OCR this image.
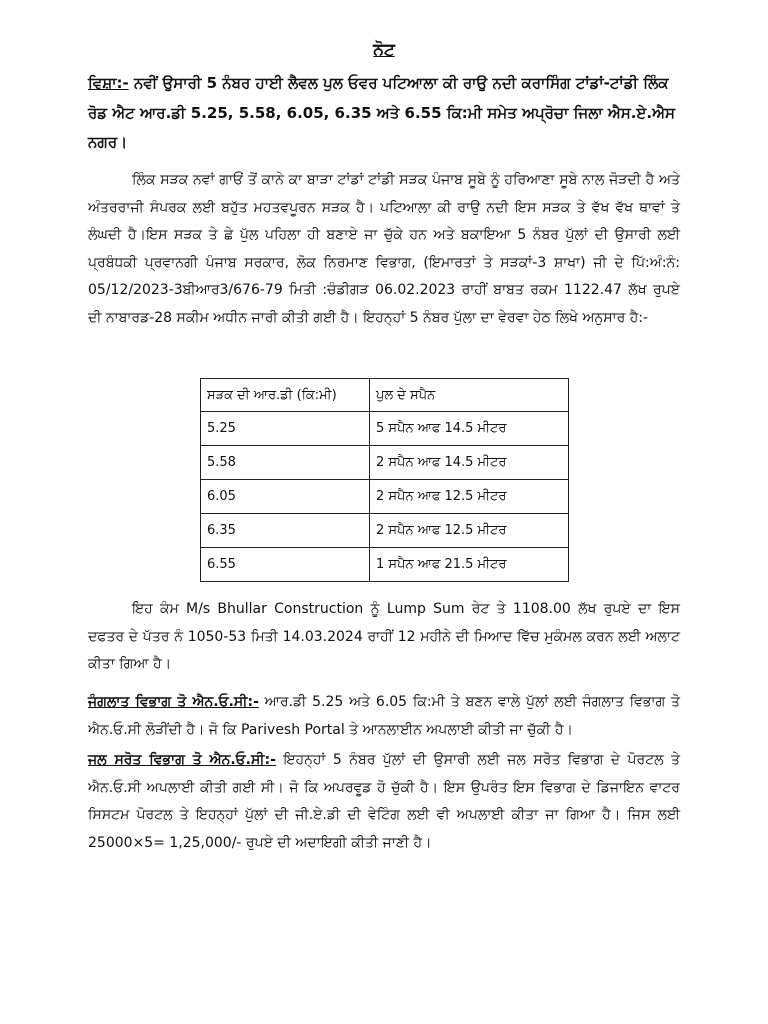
ਨੋਟ
ਵਿਸ਼ਾ:- ਨਵੀਂ ਉਸਾਰੀ 5 ਨੰਬਰ ਹਾਈ ਲੈਵਲ ਪੁਲ ਓਵਰ ਪਟਿਆਲਾ ਕੀ ਰਾਉ ਨਦੀ ਕਰਾਸਿੰਗ ਟਾਂਡਾਂ-ਟਾਂਡੀ ਲਿੰਕ ਰੋਡ ਐਟ ਆਰ.ਡੀ 5.25, 5.58, 6.05, 6.35 ਅਤੇ 6.55 ਕਿ:ਮੀ ਸਮੇਤ ਅਪ੍ਰੋਚਾ ਜਿਲਾ ਐਸ.ਏ.ਐਸ ਨਗਰ।
ਲਿੰਕ ਸੜਕ ਨਵਾਂ ਗਾਓਂ ਤੋਂ ਕਾਨੇ ਕਾ ਬਾੜਾ ਟਾਂਡਾਂ ਟਾਂਡੀ ਸੜਕ ਪੰਜਾਬ ਸੂਬੇ ਨੂੰ ਹਰਿਆਣਾ ਸੂਬੇ ਨਾਲ ਜੋੜਦੀ ਹੈ ਅਤੇ ਅੰਤਰਰਾਜੀ ਸੰਪਰਕ ਲਈ ਬਹੁੱਤ ਮਹਤਵਪੂਰਨ ਸੜਕ ਹੈ। ਪਟਿਆਲਾ ਕੀ ਰਾਉ ਨਦੀ ਇਸ ਸੜਕ ਤੇ ਵੱਖ ਵੱਖ ਥਾਵਾਂ ਤੇ ਲੰਘਦੀ ਹੈ।ਇਸ ਸੜਕ ਤੇ ਛੇ ਪੁੱਲ ਪਹਿਲਾ ਹੀ ਬਣਾਏ ਜਾ ਚੁੱਕੇ ਹਨ ਅਤੇ ਬਕਾਇਆ 5 ਨੰਬਰ ਪੁੱਲਾਂ ਦੀ ਉਸਾਰੀ ਲਈ ਪ੍ਰਬੰਧਕੀ ਪ੍ਰਵਾਨਗੀ ਪੰਜਾਬ ਸਰਕਾਰ, ਲੋਕ ਨਿਰਮਾਣ ਵਿਭਾਗ, (ਇਮਾਰਤਾਂ ਤੇ ਸੜਕਾਂ-3 ਸ਼ਾਖਾ) ਜੀ ਦੇ ਪਿੱ:ਅੰ:ਨੰ: 05/12/2023-3ਬੀਆਰ3/676-79 ਮਿਤੀ :ਚੰਡੀਗੜ 06.02.2023 ਰਾਹੀਂ ਬਾਬਤ ਰਕਮ 1122.47 ਲੱਖ ਰੁਪਏ ਦੀ ਨਾਬਾਰਡ-28 ਸਕੀਮ ਅਧੀਨ ਜਾਰੀ ਕੀਤੀ ਗਈ ਹੈ। ਇਹਨ੍ਹਾਂ 5 ਨੰਬਰ ਪੁੱਲਾ ਦਾ ਵੇਰਵਾ ਹੇਠ ਲਿਖੇ ਅਨੁਸਾਰ ਹੈ:-
ਸੜਕ ਦੀ ਆਰ.ਡੀ (ਕਿ:ਮੀ)	ਪੁਲ ਦੇ ਸਪੈਨ
5.25	5 ਸਪੈਨ ਆਫ 14.5 ਮੀਟਰ
5.58	2 ਸਪੈਨ ਆਫ 14.5 ਮੀਟਰ
6.05	2 ਸਪੈਨ ਆਫ 12.5 ਮੀਟਰ
6.35	2 ਸਪੈਨ ਆਫ 12.5 ਮੀਟਰ
6.55	1 ਸਪੈਨ ਆਫ 21.5 ਮੀਟਰ
ਇਹ ਕੰਮ M/s Bhullar Construction ਨੂੰ Lump Sum ਰੇਟ ਤੇ 1108.00 ਲੱਖ ਰੁਪਏ ਦਾ ਇਸ ਦਫਤਰ ਦੇ ਪੱਤਰ ਨੰ 1050-53 ਮਿਤੀ 14.03.2024 ਰਾਹੀਂ 12 ਮਹੀਨੇ ਦੀ ਮਿਆਦ ਵਿੱਚ ਮੁਕੰਮਲ ਕਰਨ ਲਈ ਅਲਾਟ ਕੀਤਾ ਗਿਆ ਹੈ।
ਜੰਗਲਾਤ ਵਿਭਾਗ ਤੋ ਐਨ.ਓ.ਸੀ:- ਆਰ.ਡੀ 5.25 ਅਤੇ 6.05 ਕਿ:ਮੀ ਤੇ ਬਣਨ ਵਾਲੇ ਪੁੱਲਾਂ ਲਈ ਜੰਗਲਾਤ ਵਿਭਾਗ ਤੋ ਐਨ.ਓ.ਸੀ ਲੋੜੀਂਦੀ ਹੈ। ਜੋ ਕਿ Parivesh Portal ਤੇ ਆਨਲਾਈਨ ਅਪਲਾਈ ਕੀਤੀ ਜਾ ਚੁੱਕੀ ਹੈ।
ਜਲ ਸਰੋਤ ਵਿਭਾਗ ਤੋ ਐਨ.ਓ.ਸੀ:- ਇਹਨ੍ਹਾਂ 5 ਨੰਬਰ ਪੁੱਲਾਂ ਦੀ ਉਸਾਰੀ ਲਈ ਜਲ ਸਰੋਤ ਵਿਭਾਗ ਦੇ ਪੋਰਟਲ ਤੇ ਐਨ.ਓ.ਸੀ ਅਪਲਾਈ ਕੀਤੀ ਗਈ ਸੀ। ਜੋ ਕਿ ਅਪਰਵੂਡ ਹੋ ਚੁੱਕੀ ਹੈ। ਇਸ ਉਪਰੰਤ ਇਸ ਵਿਭਾਗ ਦੇ ਡਿਜਾਇਨ ਵਾਟਰ ਸਿਸਟਮ ਪੋਰਟਲ ਤੇ ਇਹਨ੍ਹਾਂ ਪੁੱਲਾਂ ਦੀ ਜੀ.ਏ.ਡੀ ਦੀ ਵੇਟਿੰਗ ਲਈ ਵੀ ਅਪਲਾਈ ਕੀਤਾ ਜਾ ਗਿਆ ਹੈ। ਜਿਸ ਲਈ 25000×5= 1,25,000/- ਰੁਪਏ ਦੀ ਅਦਾਇਗੀ ਕੀਤੀ ਜਾਣੀ ਹੈ।
